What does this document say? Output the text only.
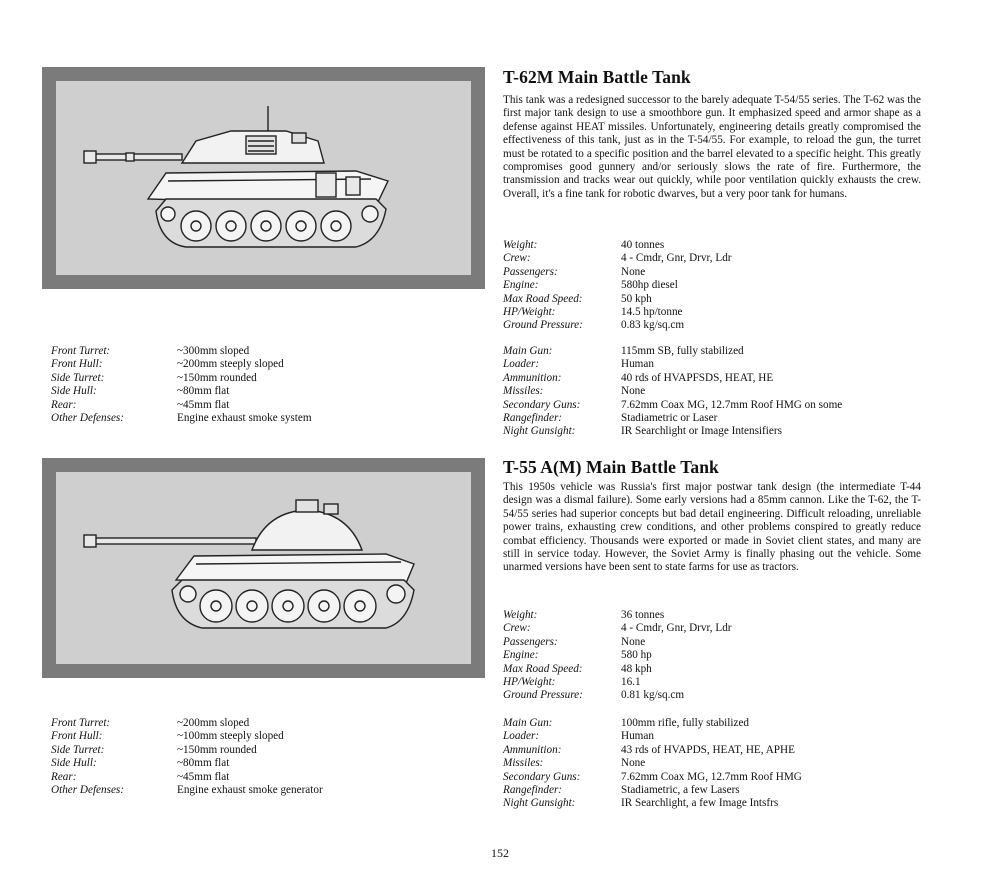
T-62M Main Battle Tank

This tank was a redesigned successor to the barely adequate T-54/55 series. The T-62 was the first major tank design to use a smoothbore gun. It emphasized speed and armor shape as a defense against HEAT missiles. Unfortunately, engineering details greatly compromised the effectiveness of this tank, just as in the T-54/55. For example, to reload the gun, the turret must be rotated to a specific position and the barrel elevated to a specific height. This greatly compromises good gunnery and/or seriously slows the rate of fire. Furthermore, the transmission and tracks wear out quickly, while poor ventilation quickly exhausts the crew. Overall, it's a fine tank for robotic dwarves, but a very poor tank for humans.

Weight:	40 tonnes
Crew:	4 - Cmdr, Gnr, Drvr, Ldr
Passengers:	None
Engine:	580hp diesel
Max Road Speed:	50 kph
HP/Weight:	14.5 hp/tonne
Ground Pressure:	0.83 kg/sq.cm
Main Gun:	115mm SB, fully stabilized
Loader:	Human
Ammunition:	40 rds of HVAPFSDS, HEAT, HE
Missiles:	None
Secondary Guns:	7.62mm Coax MG, 12.7mm Roof HMG on some
Rangefinder:	Stadiametric or Laser
Night Gunsight:	IR Searchlight or Image Intensifiers
Front Turret:	~300mm sloped
Front Hull:	~200mm steeply sloped
Side Turret:	~150mm rounded
Side Hull:	~80mm flat
Rear:	~45mm flat
Other Defenses:	Engine exhaust smoke system
T-55 A(M) Main Battle Tank

This 1950s vehicle was Russia's first major postwar tank design (the intermediate T-44 design was a dismal failure). Some early versions had a 85mm cannon. Like the T-62, the T-54/55 series had superior concepts but bad detail engineering. Difficult reloading, unreliable power trains, exhausting crew conditions, and other problems conspired to greatly reduce combat efficiency. Thousands were exported or made in Soviet client states, and many are still in service today. However, the Soviet Army is finally phasing out the vehicle. Some unarmed versions have been sent to state farms for use as tractors.

Weight:	36 tonnes
Crew:	4 - Cmdr, Gnr, Drvr, Ldr
Passengers:	None
Engine:	580 hp
Max Road Speed:	48 kph
HP/Weight:	16.1
Ground Pressure:	0.81 kg/sq.cm
Main Gun:	100mm rifle, fully stabilized
Loader:	Human
Ammunition:	43 rds of HVAPDS, HEAT, HE, APHE
Missiles:	None
Secondary Guns:	7.62mm Coax MG, 12.7mm Roof HMG
Rangefinder:	Stadiametric, a few Lasers
Night Gunsight:	IR Searchlight, a few Image Intsfrs
Front Turret:	~200mm sloped
Front Hull:	~100mm steeply sloped
Side Turret:	~150mm rounded
Side Hull:	~80mm flat
Rear:	~45mm flat
Other Defenses:	Engine exhaust smoke generator
152
